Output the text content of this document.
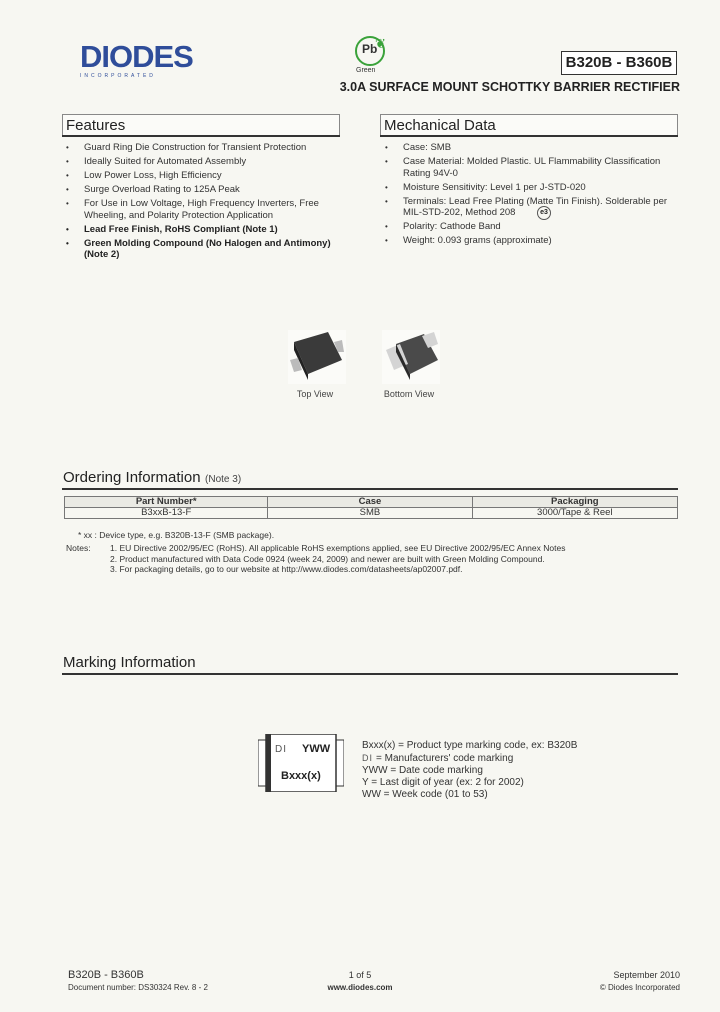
DIODES
INCORPORATED
Pb
❦
Green	B320B - B360B
3.0A SURFACE MOUNT SCHOTTKY BARRIER RECTIFIER
Features
• Guard Ring Die Construction for Transient Protection
• Ideally Suited for Automated Assembly
• Low Power Loss, High Efficiency
• Surge Overload Rating to 125A Peak
• For Use in Low Voltage, High Frequency Inverters, Free Wheeling, and Polarity Protection Application
• Lead Free Finish, RoHS Compliant (Note 1)
• Green Molding Compound (No Halogen and Antimony) (Note 2)
Mechanical Data
• Case: SMB
• Case Material: Molded Plastic. UL Flammability Classification Rating 94V-0
• Moisture Sensitivity: Level 1 per J-STD-020
• Terminals: Lead Free Plating (Matte Tin Finish). Solderable per MIL-STD-202, Method 208
• Polarity: Cathode Band
• Weight: 0.093 grams (approximate)
e3
Top View	Bottom View
Ordering Information (Note 3)
Part Number*	Case	Packaging
B3xxB-13-F	SMB	3000/Tape & Reel
* xx : Device type, e.g. B320B-13-F (SMB package).
Notes: 1. EU Directive 2002/95/EC (RoHS). All applicable RoHS exemptions applied, see EU Directive 2002/95/EC Annex Notes
2. Product manufactured with Data Code 0924 (week 24, 2009) and newer are built with Green Molding Compound.
3. For packaging details, go to our website at http://www.diodes.com/datasheets/ap02007.pdf.
Marking Information
DI YWW
Bxxx(x)
Bxxx(x) = Product type marking code, ex: B320B
DI = Manufacturers' code marking
YWW = Date code marking
Y = Last digit of year (ex: 2 for 2002)
WW = Week code (01 to 53)
B320B - B360B
Document number: DS30324 Rev. 8 - 2
1 of 5
www.diodes.com
September 2010
© Diodes Incorporated
